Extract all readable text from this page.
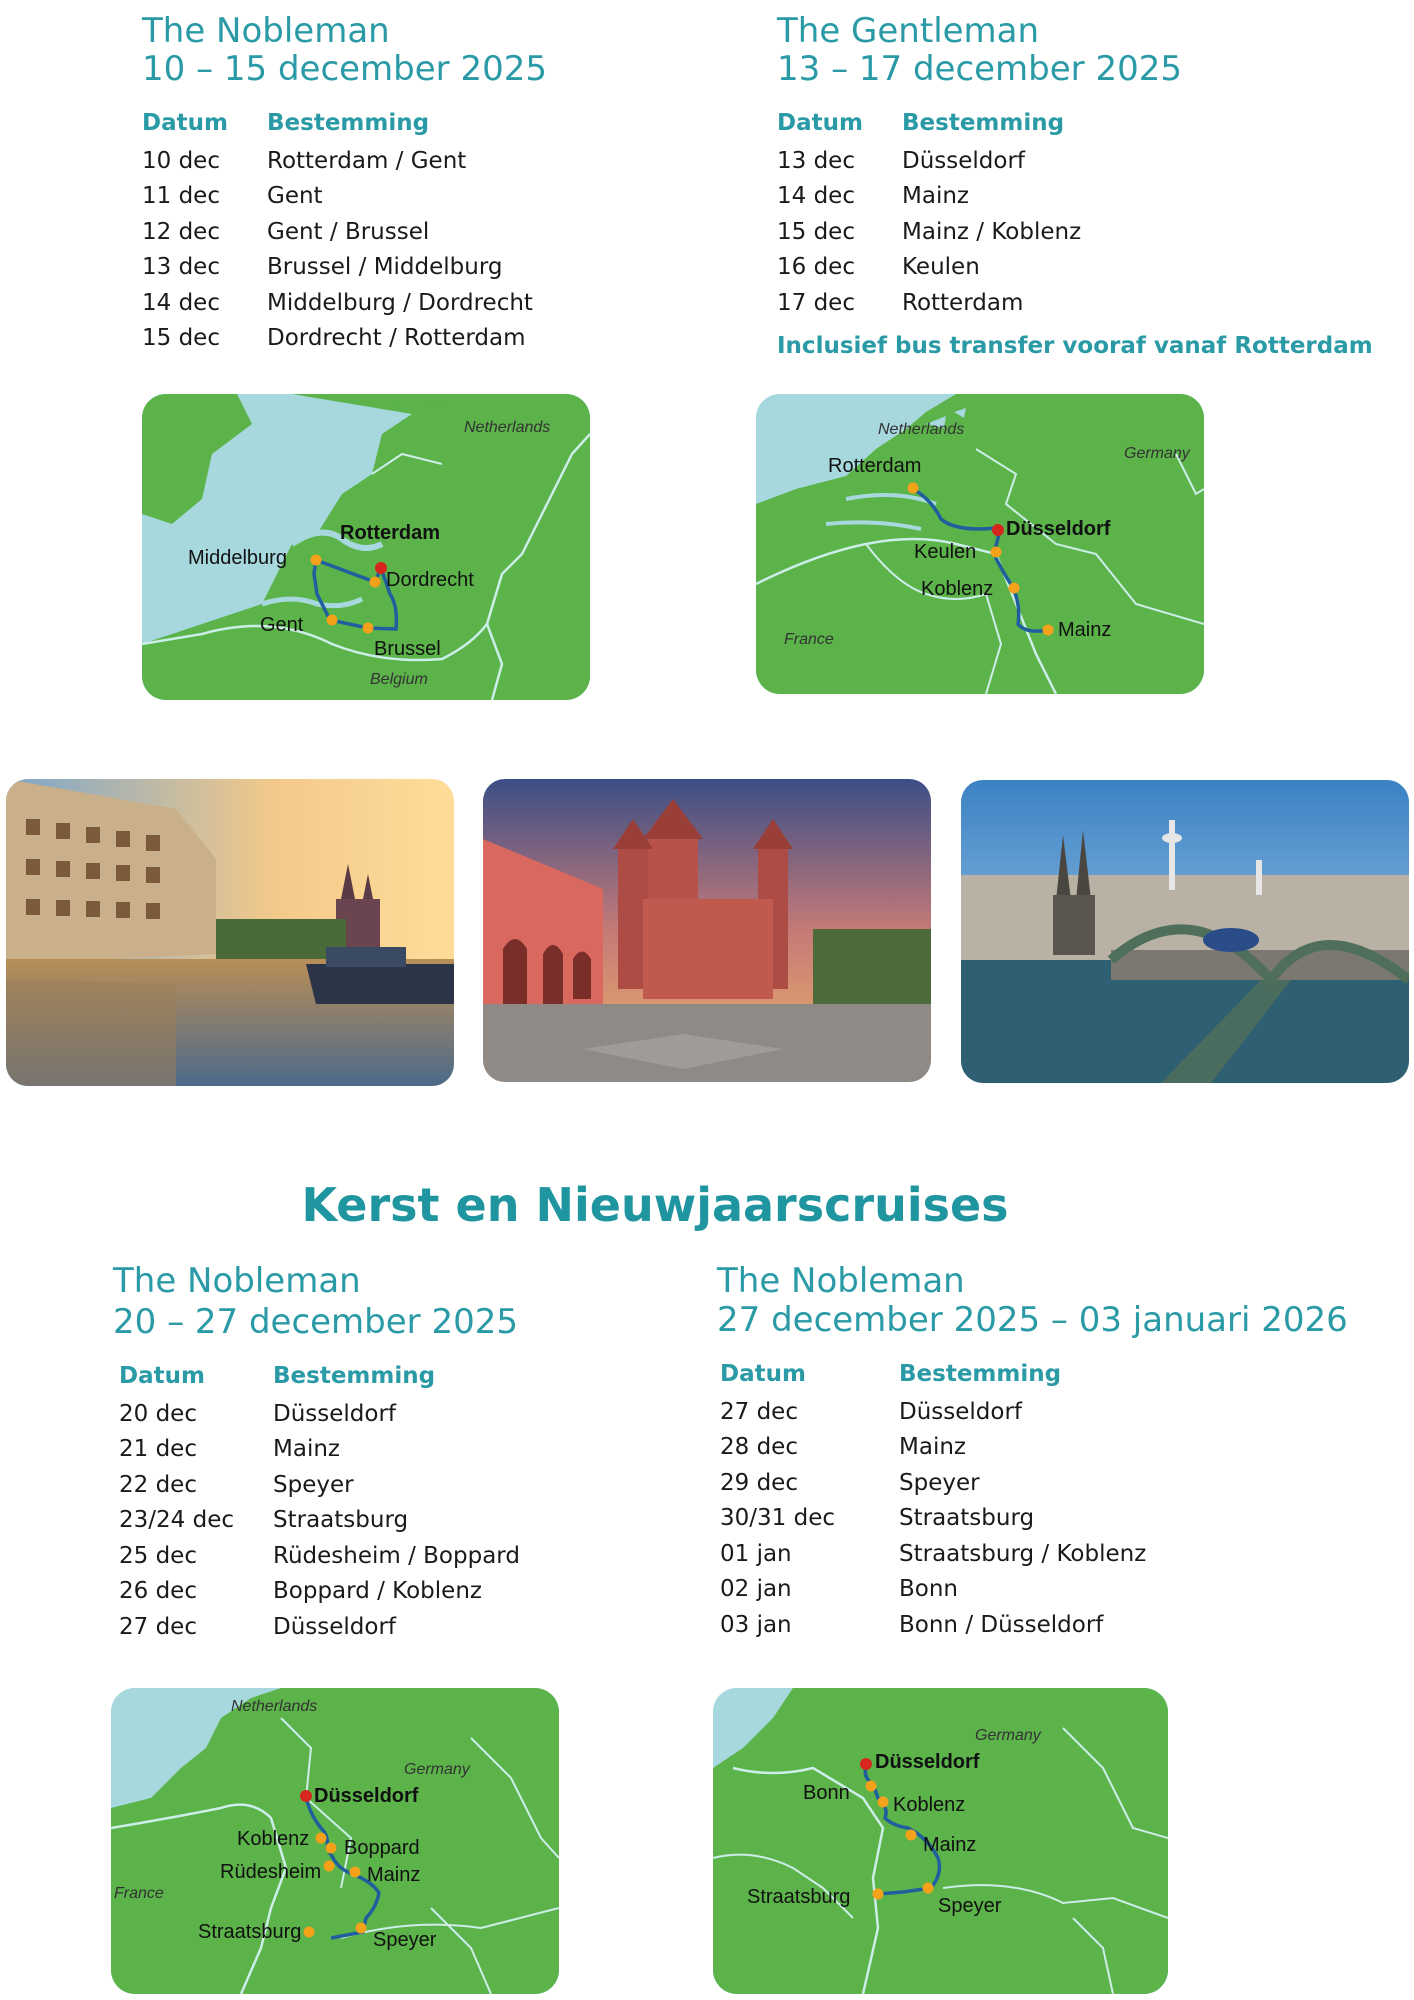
The Nobleman
10 – 15 december 2025
Datum	Bestemming
10 dec	Rotterdam / Gent
11 dec	Gent
12 dec	Gent / Brussel
13 dec	Brussel / Middelburg
14 dec	Middelburg / Dordrecht
15 dec	Dordrecht / Rotterdam
The Gentleman
13 – 17 december 2025
Datum	Bestemming
13 dec	Düsseldorf
14 dec	Mainz
15 dec	Mainz / Koblenz
16 dec	Keulen
17 dec	Rotterdam
Inclusief bus transfer vooraf vanaf Rotterdam
Netherlands
Belgium
Rotterdam
Middelburg
Dordrecht
Gent
Brussel
Netherlands
Germany
France
Düsseldorf
Rotterdam
Keulen
Koblenz
Mainz
Kerst en Nieuwjaarscruises
The Nobleman
20 – 27 december 2025
Datum	Bestemming
20 dec	Düsseldorf
21 dec	Mainz
22 dec	Speyer
23/24 dec	Straatsburg
25 dec	Rüdesheim / Boppard
26 dec	Boppard / Koblenz
27 dec	Düsseldorf
The Nobleman
27 december 2025 – 03 januari 2026
Datum	Bestemming
27 dec	Düsseldorf
28 dec	Mainz
29 dec	Speyer
30/31 dec	Straatsburg
01 jan	Straatsburg / Koblenz
02 jan	Bonn
03 jan	Bonn / Düsseldorf
Netherlands
Germany
France
Düsseldorf
Koblenz Boppard
Rüdesheim Mainz
Straatsburg	Speyer
Germany
Düsseldorf
Bonn
Koblenz
Mainz
Straatsburg	Speyer
